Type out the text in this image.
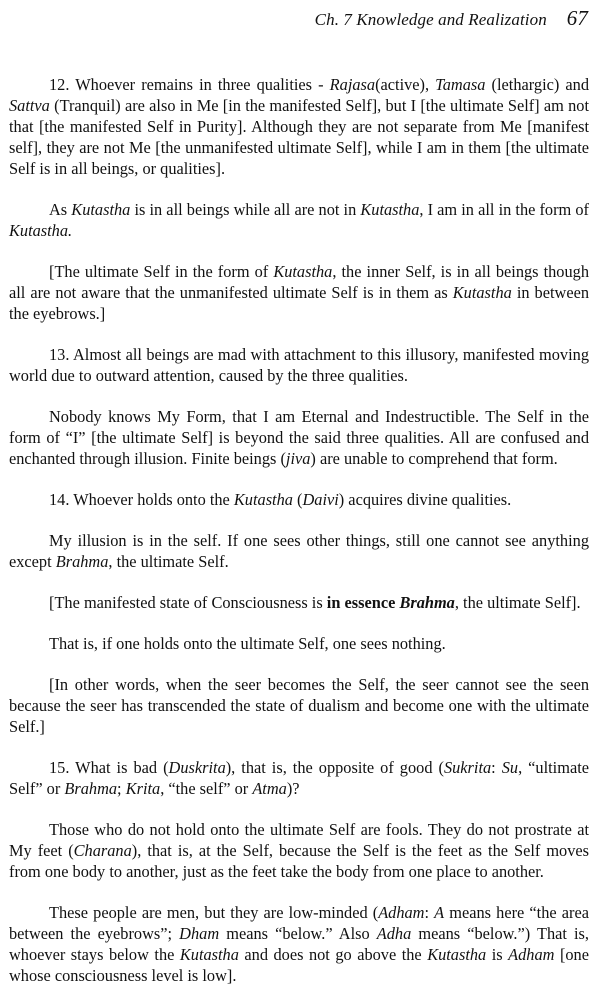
Ch. 7 Knowledge and Realization 67

12. Whoever remains in three qualities - Rajasa(active), Tamasa (lethargic) and Sattva (Tranquil) are also in Me [in the manifested Self], but I [the ultimate Self] am not that [the manifested Self in Purity]. Although they are not separate from Me [manifest self], they are not Me [the unmanifested ultimate Self], while I am in them [the ultimate Self is in all beings, or qualities].

As Kutastha is in all beings while all are not in Kutastha, I am in all in the form of Kutastha.

[The ultimate Self in the form of Kutastha, the inner Self, is in all beings though all are not aware that the unmanifested ultimate Self is in them as Kutastha in between the eyebrows.]

13. Almost all beings are mad with attachment to this illusory, manifested moving world due to outward attention, caused by the three qualities.

Nobody knows My Form, that I am Eternal and Indestructible. The Self in the form of “I” [the ultimate Self] is beyond the said three qualities. All are confused and enchanted through illusion. Finite beings (jiva) are unable to comprehend that form.

14. Whoever holds onto the Kutastha (Daivi) acquires divine qualities.

My illusion is in the self. If one sees other things, still one cannot see anything except Brahma, the ultimate Self.

[The manifested state of Consciousness is in essence Brahma, the ultimate Self].

That is, if one holds onto the ultimate Self, one sees nothing.

[In other words, when the seer becomes the Self, the seer cannot see the seen because the seer has transcended the state of dualism and become one with the ultimate Self.]

15. What is bad (Duskrita), that is, the opposite of good (Sukrita: Su, “ultimate Self” or Brahma; Krita, “the self” or Atma)?

Those who do not hold onto the ultimate Self are fools. They do not prostrate at My feet (Charana), that is, at the Self, because the Self is the feet as the Self moves from one body to another, just as the feet take the body from one place to another.

These people are men, but they are low-minded (Adham: A means here “the area between the eyebrows”; Dham means “below.” Also Adha means “below.”) That is, whoever stays below the Kutastha and does not go above the Kutastha is Adham [one whose consciousness level is low].
